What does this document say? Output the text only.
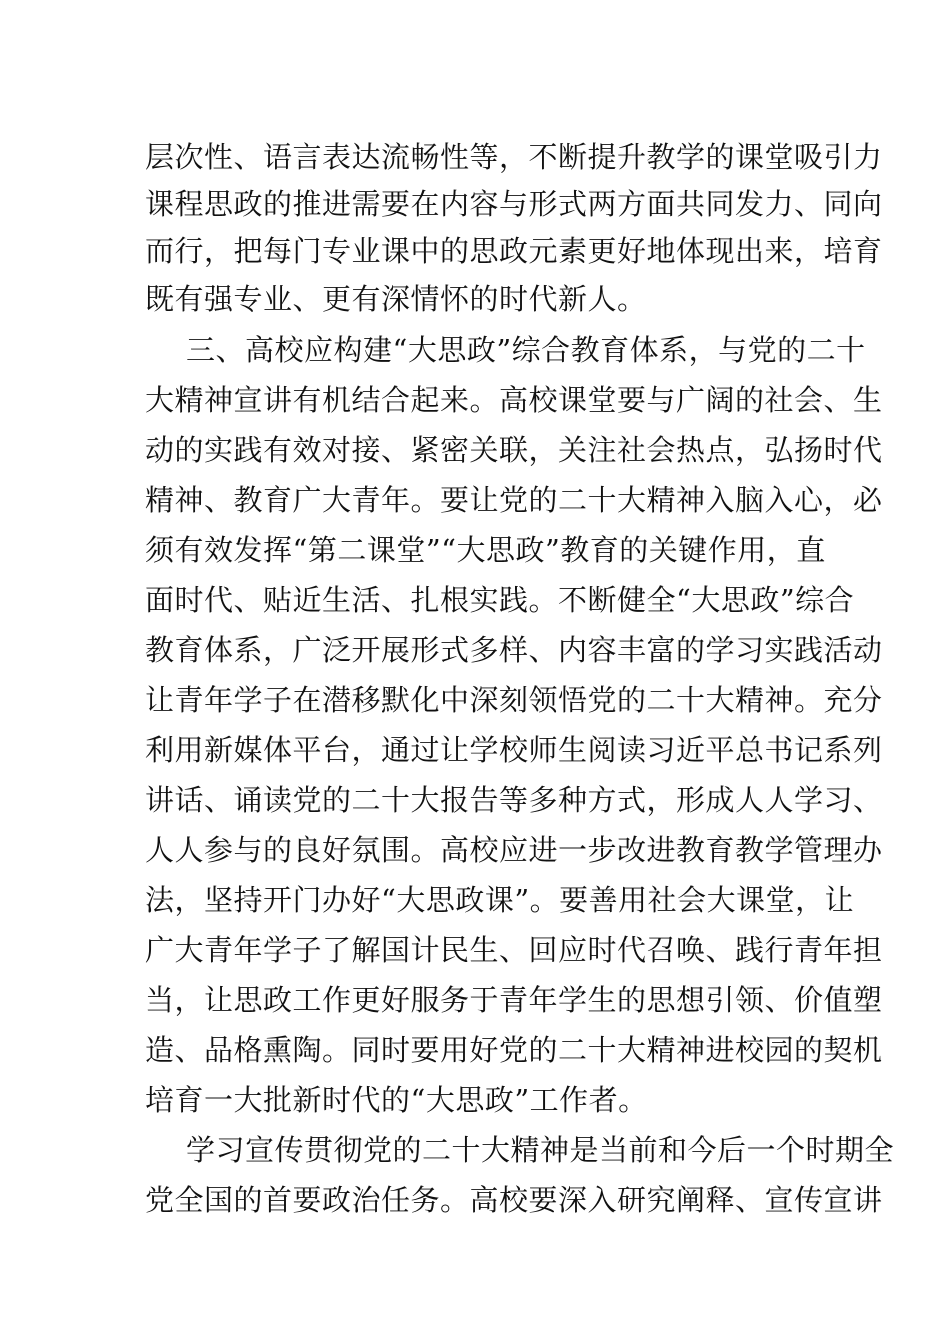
层次性、语言表达流畅性等，不断提升教学的课堂吸引力
课程思政的推进需要在内容与形式两方面共同发力、同向
而行，把每门专业课中的思政元素更好地体现出来，培育
既有强专业、更有深情怀的时代新人。
三、高校应构建“大思政”综合教育体系，与党的二十
大精神宣讲有机结合起来。高校课堂要与广阔的社会、生
动的实践有效对接、紧密关联，关注社会热点，弘扬时代
精神、教育广大青年。要让党的二十大精神入脑入心，必
须有效发挥“第二课堂”“大思政”教育的关键作用，直
面时代、贴近生活、扎根实践。不断健全“大思政”综合
教育体系，广泛开展形式多样、内容丰富的学习实践活动
让青年学子在潜移默化中深刻领悟党的二十大精神。充分
利用新媒体平台，通过让学校师生阅读习近平总书记系列
讲话、诵读党的二十大报告等多种方式，形成人人学习、
人人参与的良好氛围。高校应进一步改进教育教学管理办
法，坚持开门办好“大思政课”。要善用社会大课堂，让
广大青年学子了解国计民生、回应时代召唤、践行青年担
当，让思政工作更好服务于青年学生的思想引领、价值塑
造、品格熏陶。同时要用好党的二十大精神进校园的契机
培育一大批新时代的“大思政”工作者。
学习宣传贯彻党的二十大精神是当前和今后一个时期全
党全国的首要政治任务。高校要深入研究阐释、宣传宣讲
